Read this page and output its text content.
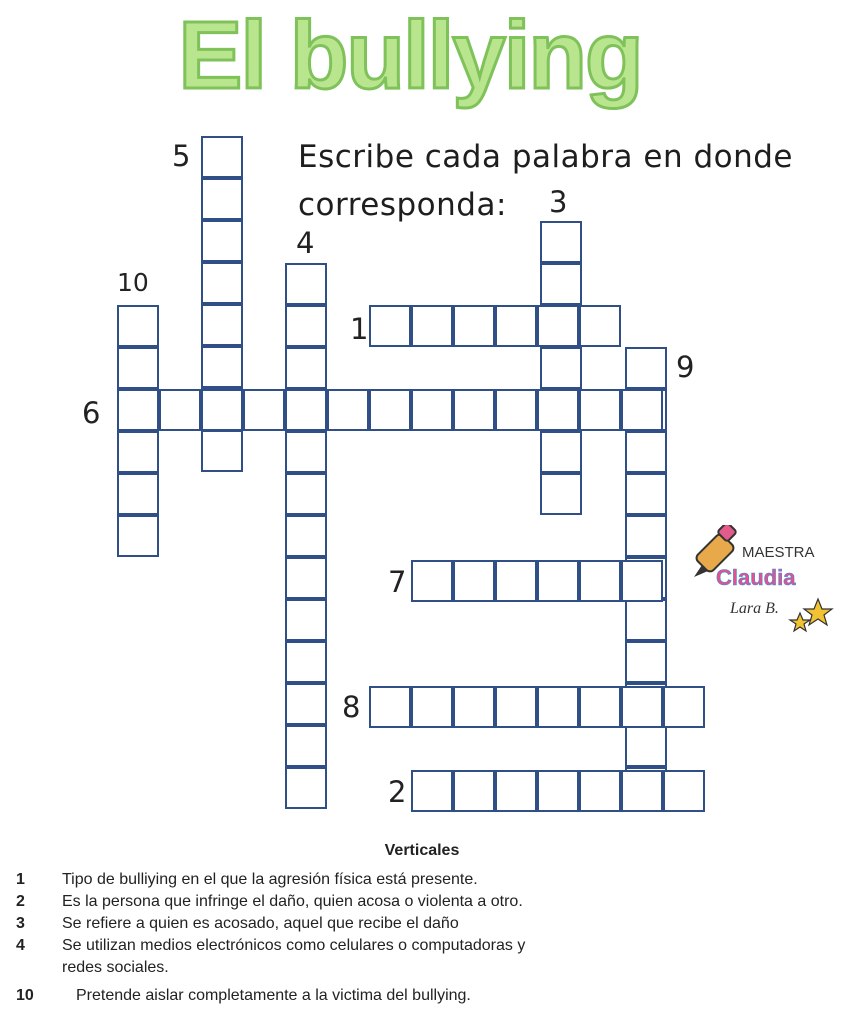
El bullying
Escribe cada palabra en donde
corresponda:
5
4
3
10
1
9
6
7
8
2
MAESTRA
Claudia
Lara B.
Verticales
1 Tipo de bulliying en el que la agresión física está presente.
2 Es la persona que infringe el daño, quien acosa o violenta a otro.
3 Se refiere a quien es acosado, aquel que recibe el daño
4 Se utilizan medios electrónicos como celulares o computadoras y
redes sociales.
10	Pretende aislar completamente a la victima del bullying.
